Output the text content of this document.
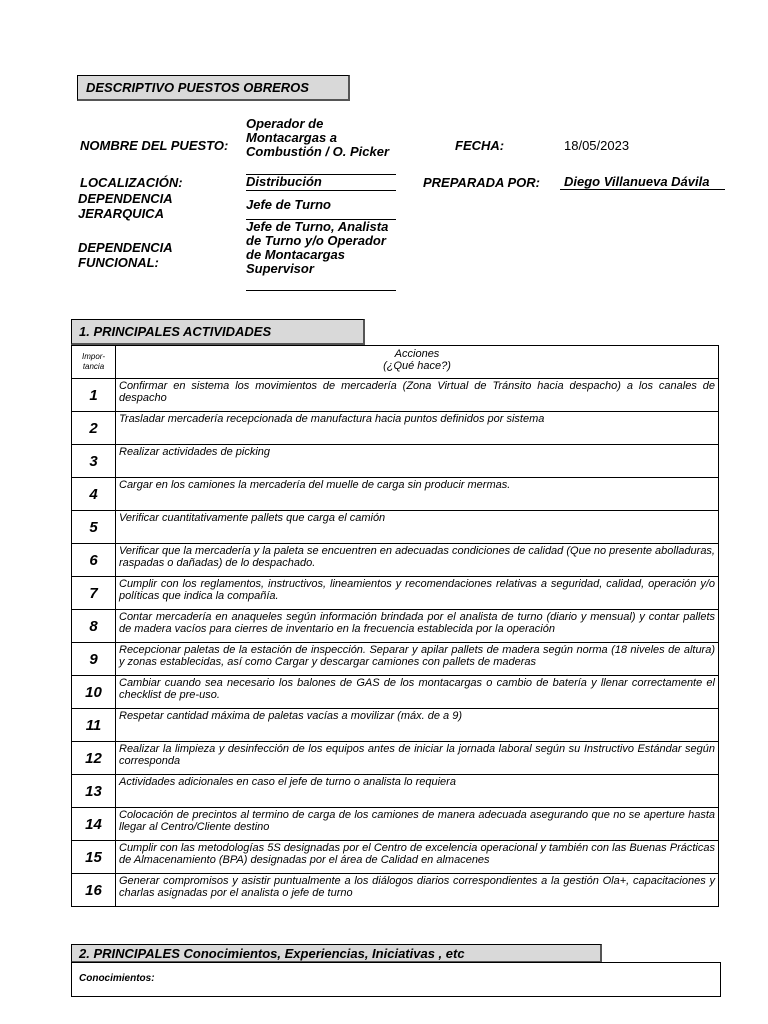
DESCRIPTIVO PUESTOS OBREROS
NOMBRE DEL PUESTO:
Operador de Montacargas a Combustión / O. Picker	FECHA:	18/05/2023
LOCALIZACIÓN:	Distribución	PREPARADA POR:	Diego Villanueva Dávila
DEPENDENCIA JERARQUICA
Jefe de Turno
DEPENDENCIA FUNCIONAL:
Jefe de Turno, Analista de Turno y/o Operador de Montacargas Supervisor
1. PRINCIPALES ACTIVIDADES
Impor-tancia	Acciones
(¿Qué hace?)

1	Confirmar en sistema los movimientos de mercadería (Zona Virtual de Tránsito hacia despacho) a los canales de despacho
2	Trasladar mercadería recepcionada de manufactura hacia puntos definidos por sistema
3	Realizar actividades de picking
4	Cargar en los camiones la mercadería del muelle de carga sin producir mermas.
5	Verificar cuantitativamente pallets que carga el camión
6	Verificar que la mercadería y la paleta se encuentren en adecuadas condiciones de calidad (Que no presente abolladuras, raspadas o dañadas) de lo despachado.
7	Cumplir con los reglamentos, instructivos, lineamientos y recomendaciones relativas a seguridad, calidad, operación y/o políticas que indica la compañía.
8	Contar mercadería en anaqueles según información brindada por el analista de turno (diario y mensual) y contar pallets de madera vacíos para cierres de inventario en la frecuencia establecida por la operación
9	Recepcionar paletas de la estación de inspección. Separar y apilar pallets de madera según norma (18 niveles de altura) y zonas establecidas, así como Cargar y descargar camiones con pallets de maderas
10	Cambiar cuando sea necesario los balones de GAS de los montacargas o cambio de batería y llenar correctamente el checklist de pre-uso.
11	Respetar cantidad máxima de paletas vacías a movilizar (máx. de a 9)
12	Realizar la limpieza y desinfección de los equipos antes de iniciar la jornada laboral según su Instructivo Estándar según corresponda
13	Actividades adicionales en caso el jefe de turno o analista lo requiera
14	Colocación de precintos al termino de carga de los camiones de manera adecuada asegurando que no se aperture hasta llegar al Centro/Cliente destino
15	Cumplir con las metodologías 5S designadas por el Centro de excelencia operacional y también con las Buenas Prácticas de Almacenamiento (BPA) designadas por el área de Calidad en almacenes
16	Generar compromisos y asistir puntualmente a los diálogos diarios correspondientes a la gestión Ola+, capacitaciones y charlas asignadas por el analista o jefe de turno
2. PRINCIPALES Conocimientos, Experiencias, Iniciativas , etc
Conocimientos:
